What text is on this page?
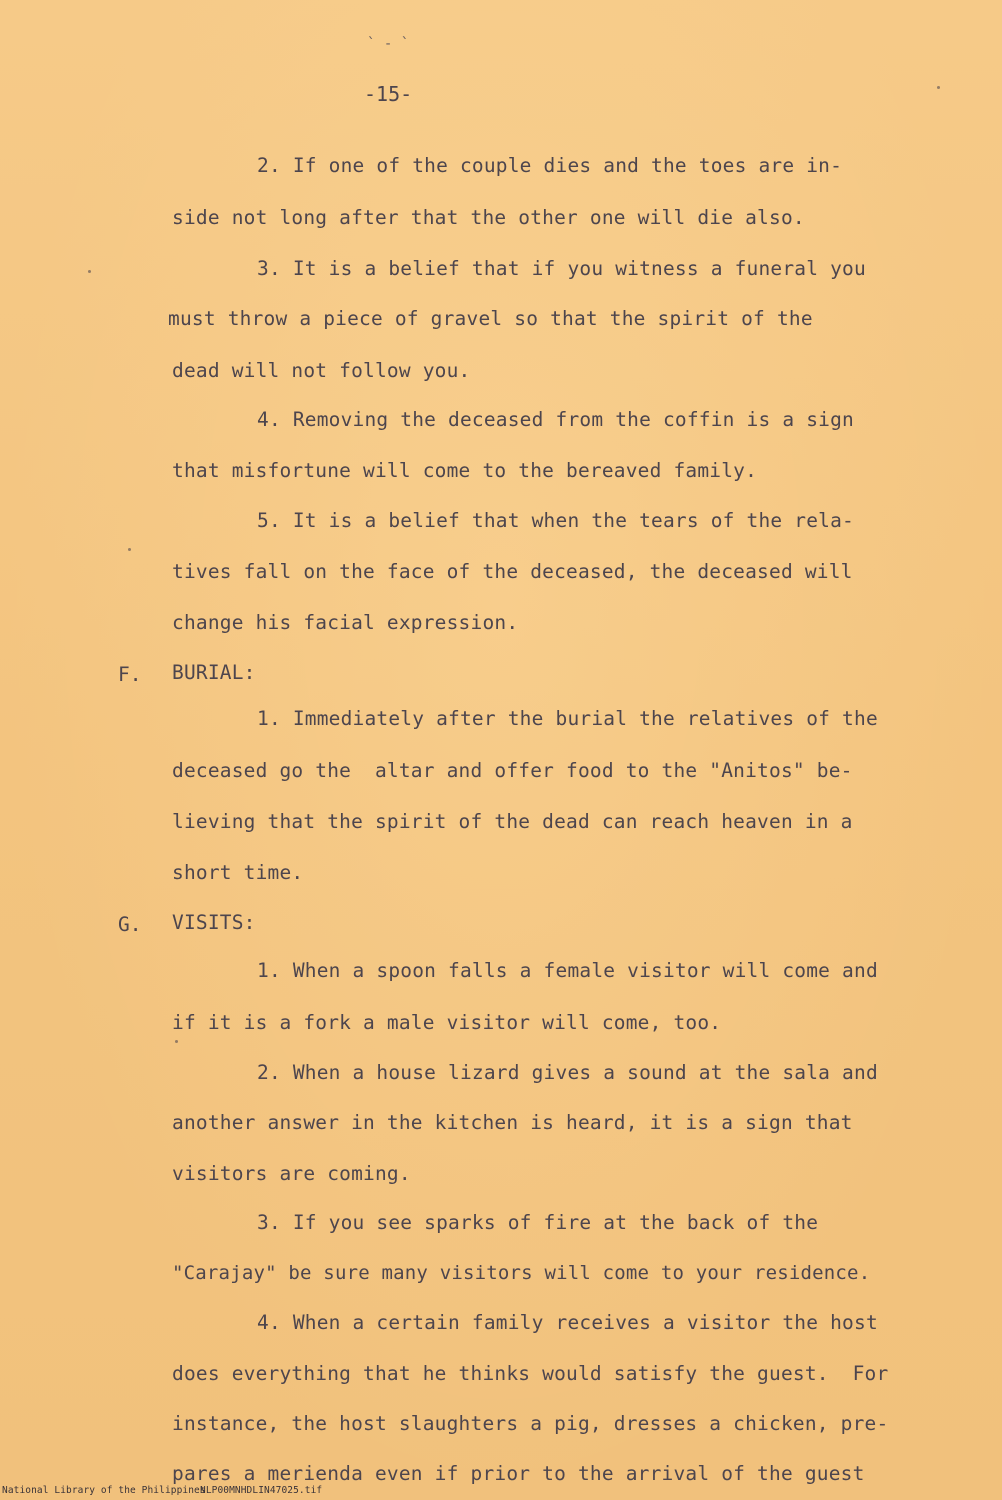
` - `
-15-
2. If one of the couple dies and the toes are in-
side not long after that the other one will die also.
3. It is a belief that if you witness a funeral you
must throw a piece of gravel so that the spirit of the
dead will not follow you.
4. Removing the deceased from the coffin is a sign
that misfortune will come to the bereaved family.
5. It is a belief that when the tears of the rela-
tives fall on the face of the deceased, the deceased will
change his facial expression.
F. BURIAL:
1. Immediately after the burial the relatives of the
deceased go the  altar and offer food to the "Anitos" be-
lieving that the spirit of the dead can reach heaven in a
short time.
G. VISITS:
1. When a spoon falls a female visitor will come and
if it is a fork a male visitor will come, too.
2. When a house lizard gives a sound at the sala and
another answer in the kitchen is heard, it is a sign that
visitors are coming.
3. If you see sparks of fire at the back of the
"Carajay" be sure many visitors will come to your residence.
4. When a certain family receives a visitor the host
does everything that he thinks would satisfy the guest.  For
instance, the host slaughters a pig, dresses a chicken, pre-
pares a merienda even if prior to the arrival of the guest
National Library of the Philippines
NLP00MNHDLIN47025.tif
